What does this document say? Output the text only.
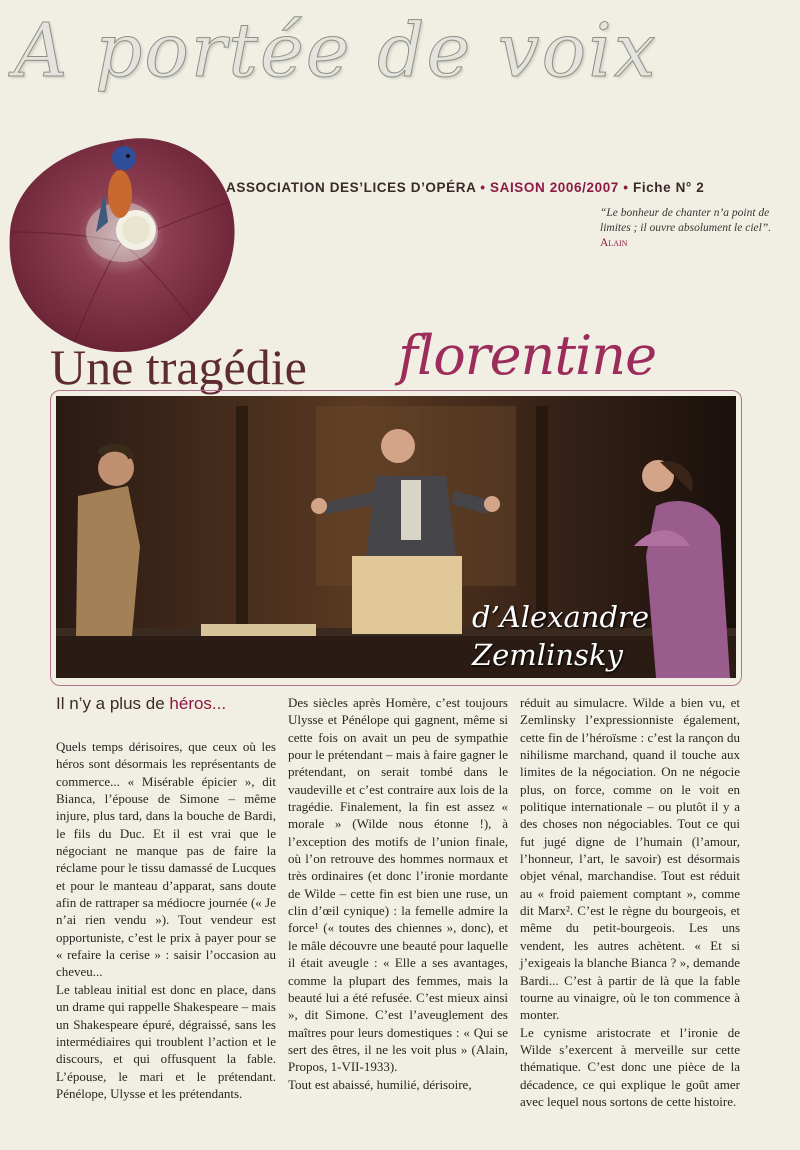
A portée de voix
ASSOCIATION DES’LICES D’OPÉRA • SAISON 2006/2007 • Fiche N° 2
“Le bonheur de chanter n’a point de limites ; il ouvre absolument le ciel”. Alain
Une tragédie florentine
d’Alexandre
Zemlinsky
Il n’y a plus de héros...

Quels temps dérisoires, que ceux où les héros sont désormais les représentants de commerce... « Misérable épicier », dit Bianca, l’épouse de Simone – même injure, plus tard, dans la bouche de Bardi, le fils du Duc. Et il est vrai que le négociant ne manque pas de faire la réclame pour le tissu damassé de Lucques et pour le manteau d’apparat, sans doute afin de rattraper sa médiocre journée (« Je n’ai rien vendu »). Tout vendeur est opportuniste, c’est le prix à payer pour se « refaire la cerise » : saisir l’occasion au cheveu...

Le tableau initial est donc en place, dans un drame qui rappelle Shakespeare – mais un Shakespeare épuré, dégraissé, sans les intermédiaires qui troublent l’action et le discours, et qui offusquent la fable. L’épouse, le mari et le prétendant. Pénélope, Ulysse et les prétendants.

Des siècles après Homère, c’est toujours Ulysse et Pénélope qui gagnent, même si cette fois on avait un peu de sympathie pour le prétendant – mais à faire gagner le prétendant, on serait tombé dans le vaudeville et c’est contraire aux lois de la tragédie. Finalement, la fin est assez « morale » (Wilde nous étonne !), à l’exception des motifs de l’union finale, où l’on retrouve des hommes normaux et très ordinaires (et donc l’ironie mordante de Wilde – cette fin est bien une ruse, un clin d’œil cynique) : la femelle admire la force¹ (« toutes des chiennes », donc), et le mâle découvre une beauté pour laquelle il était aveugle : « Elle a ses avantages, comme la plupart des femmes, mais la beauté lui a été refusée. C’est mieux ainsi », dit Simone. C’est l’aveuglement des maîtres pour leurs domestiques : « Qui se sert des êtres, il ne les voit plus » (Alain, Propos, 1-VII-1933).

Tout est abaissé, humilié, dérisoire,

réduit au simulacre. Wilde a bien vu, et Zemlinsky l’expressionniste également, cette fin de l’héroïsme : c’est la rançon du nihilisme marchand, quand il touche aux limites de la négociation. On ne négocie plus, on force, comme on le voit en politique internationale – ou plutôt il y a des choses non négociables. Tout ce qui fut jugé digne de l’humain (l’amour, l’honneur, l’art, le savoir) est désormais objet vénal, marchandise. Tout est réduit au « froid paiement comptant », comme dit Marx². C’est le règne du bourgeois, et même du petit-bourgeois. Les uns vendent, les autres achètent. « Et si j’exigeais la blanche Bianca ? », demande Bardi... C’est à partir de là que la fable tourne au vinaigre, où le ton commence à monter.

Le cynisme aristocrate et l’ironie de Wilde s’exercent à merveille sur cette thématique. C’est donc une pièce de la décadence, ce qui explique le goût amer avec lequel nous sortons de cette histoire.
